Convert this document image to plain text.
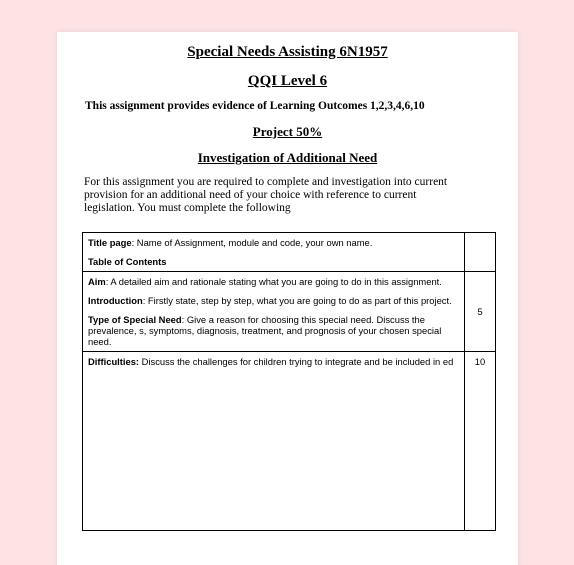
Special Needs Assisting 6N1957
QQI Level 6
This assignment provides evidence of Learning Outcomes 1,2,3,4,6,10
Project 50%
Investigation of Additional Need
For this assignment you are required to complete and investigation into current provision for an additional need of your choice with reference to current legislation. You must complete the following

Title page: Name of Assignment, module and code, your own name.

Table of Contents	

Aim: A detailed aim and rationale stating what you are going to do in this assignment.

Introduction: Firstly state, step by step, what you are going to do as part of this project.

Type of Special Need: Give a reason for choosing this special need. Discuss the prevalence, s, symptoms, diagnosis, treatment, and prognosis of your chosen special need.	5

Difficulties: Discuss the challenges for children trying to integrate and be included in ed	10
